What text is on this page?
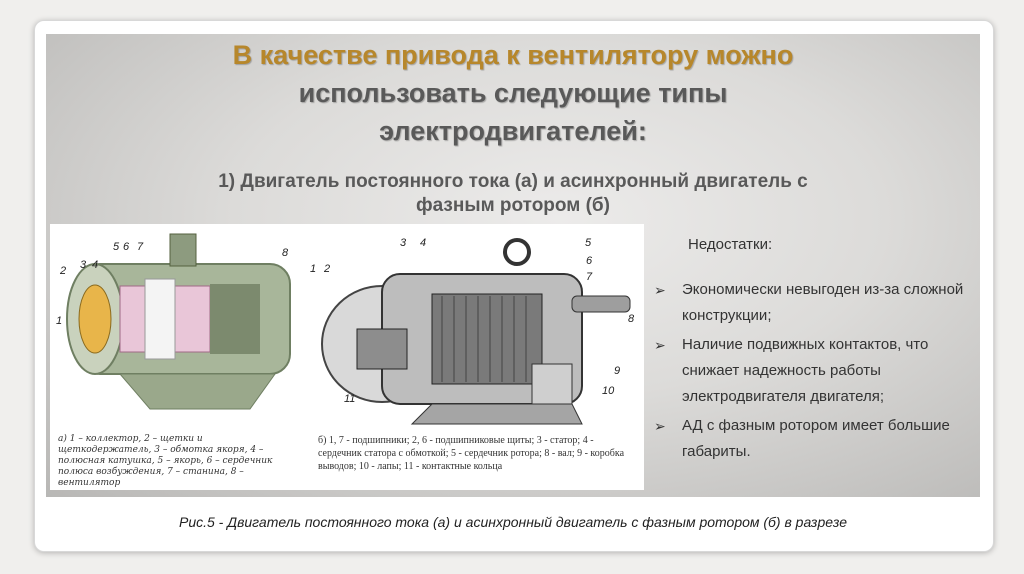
В качестве привода к вентилятору можно
использовать следующие типы
электродвигателей:
1) Двигатель постоянного тока (а) и асинхронный двигатель с
фазным ротором (б)
1
2 3 4
5 6 7	8
3 4	5
6
7
8
9
10
1 2
11
а) 1 – коллектор, 2 – щетки и щеткодержатель, 3 – обмотка якоря, 4 – полюсная катушка, 5 – якорь, 6 – сердечник полюса возбуждения, 7 – станина, 8 – вентилятор
б) 1, 7 - подшипники; 2, 6 - подшипниковые щиты; 3 - статор; 4 - сердечник статора с обмоткой; 5 - сердечник ротора; 8 - вал; 9 - коробка выводов; 10 - лапы; 11 - контактные кольца
Недостатки:
➢ Экономически невыгоден из-за сложной конструкции;
➢ Наличие подвижных контактов, что снижает надежность работы электродвигателя двигателя;
➢ АД с фазным ротором имеет большие габариты.
Рис.5 - Двигатель постоянного тока (а) и асинхронный двигатель с фазным ротором (б) в разрезе
